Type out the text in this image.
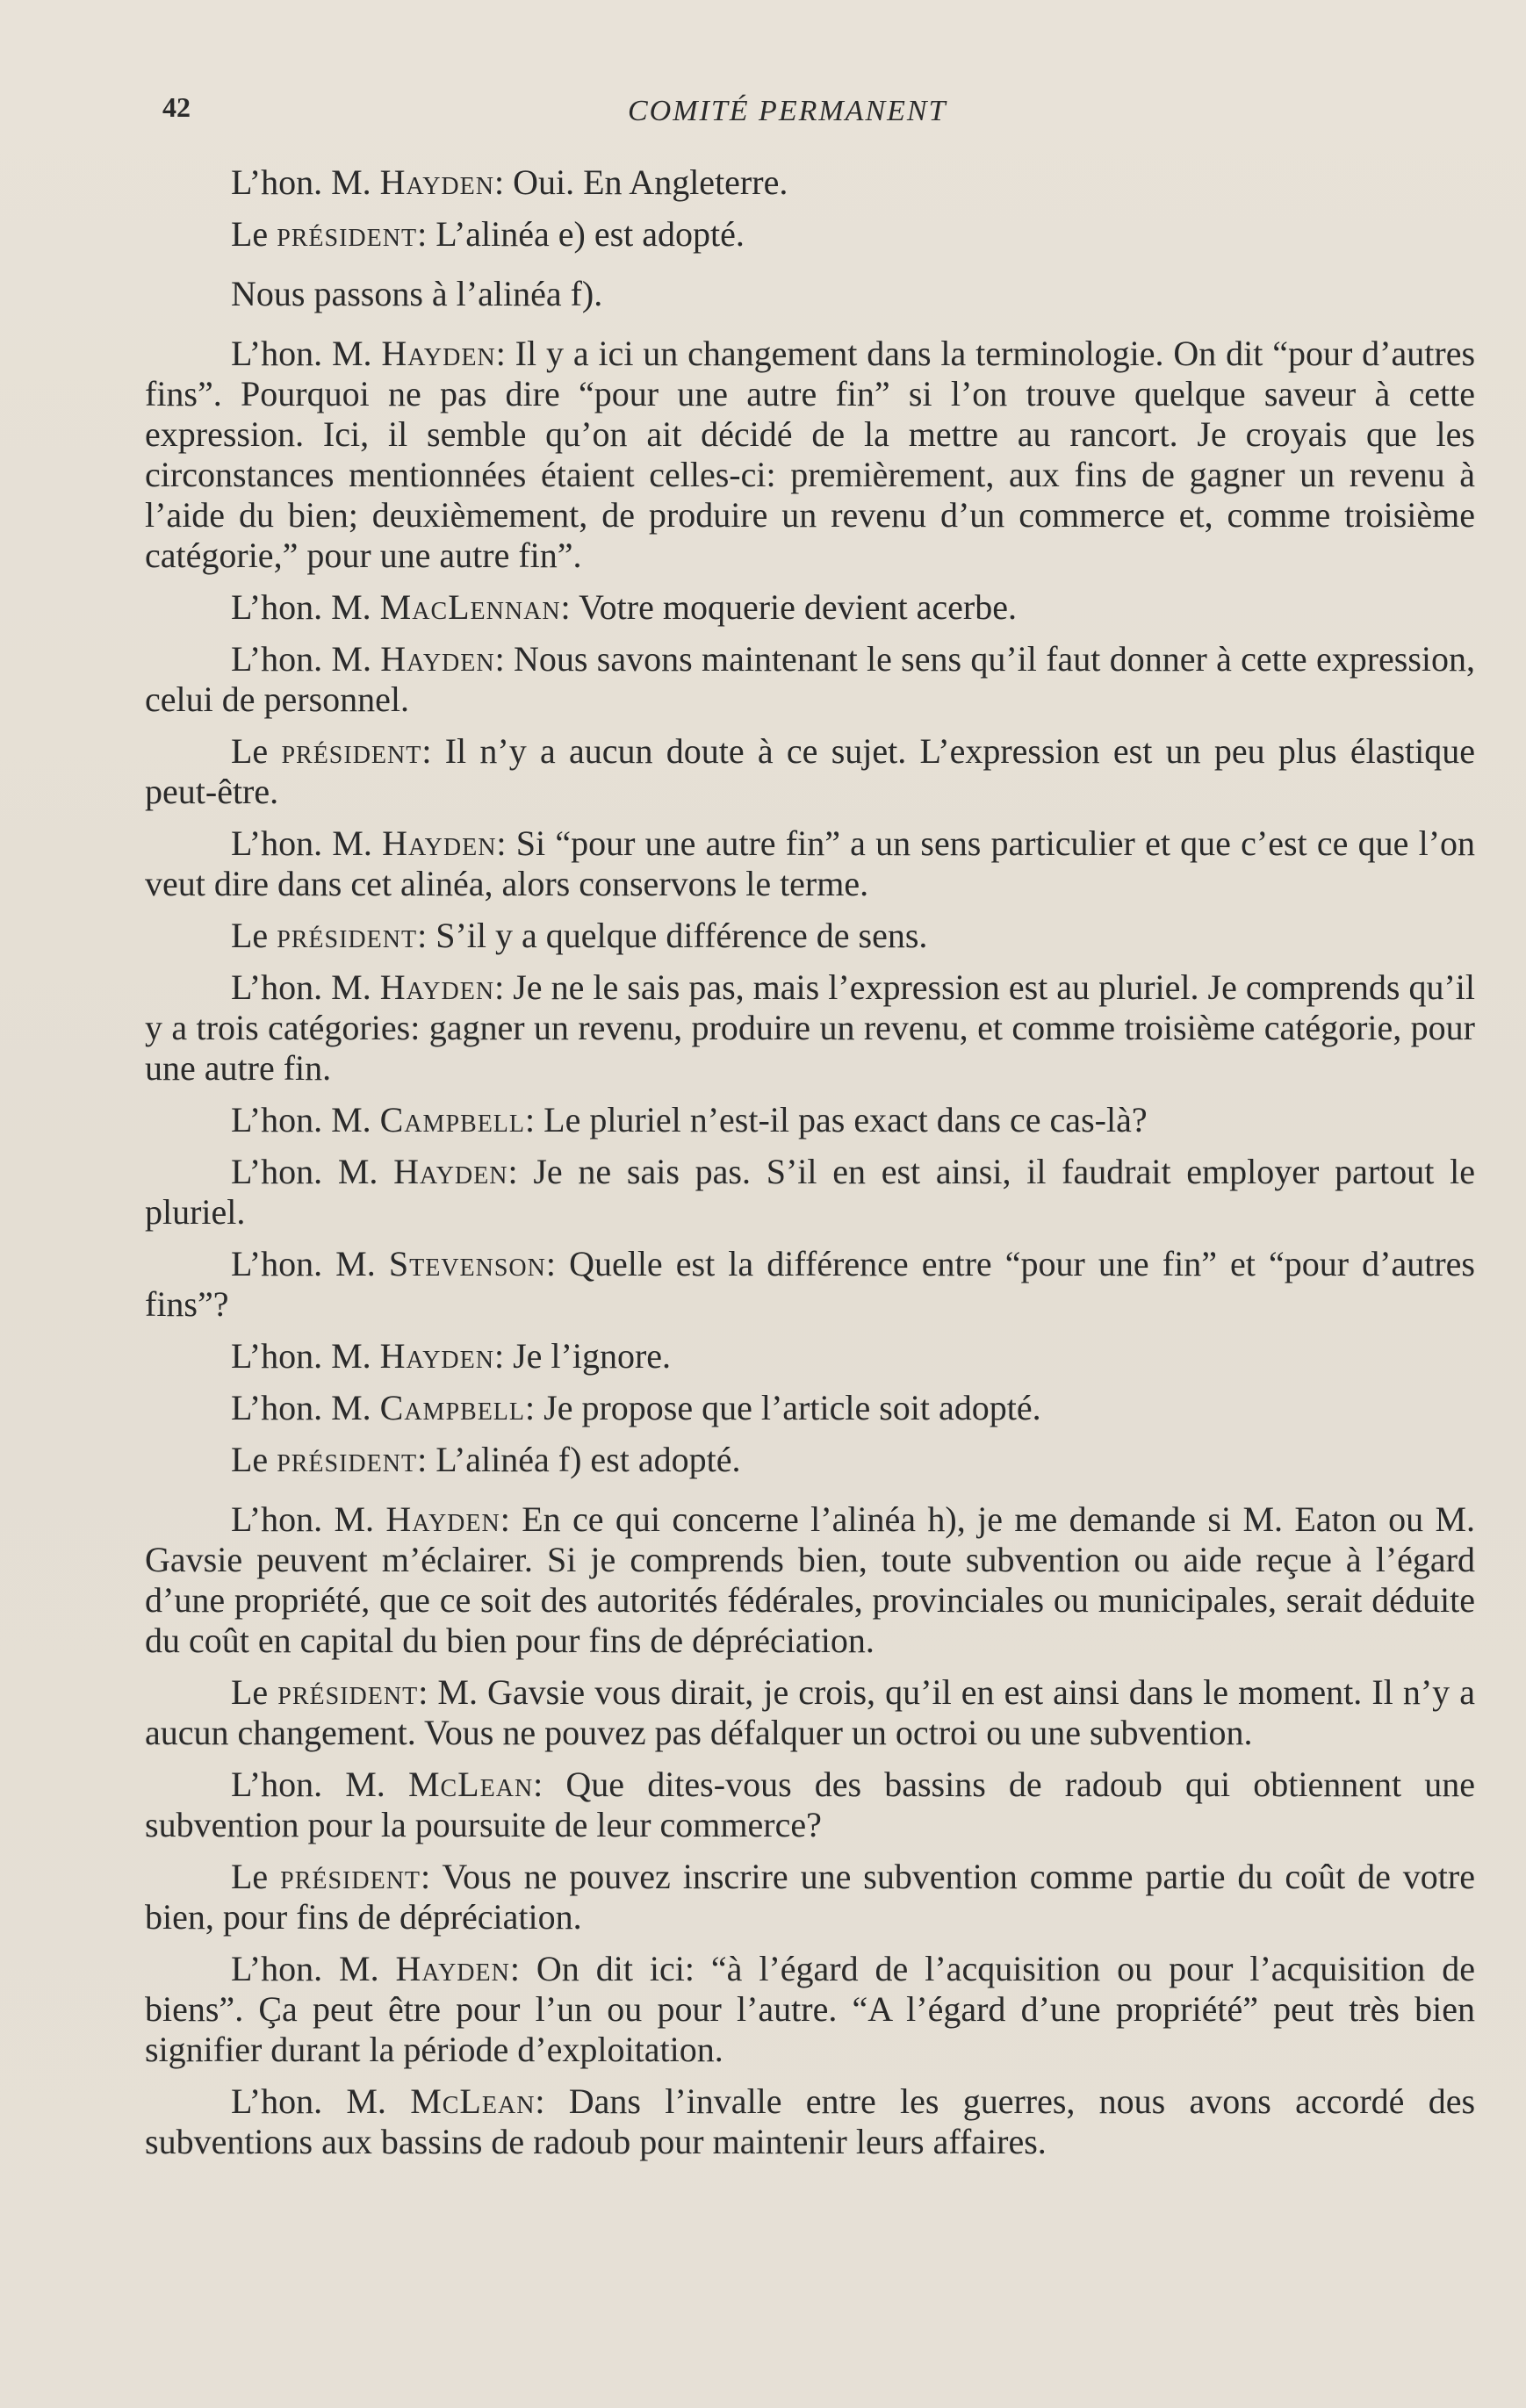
42	COMITÉ PERMANENT

L’hon. M. Hayden: Oui. En Angleterre.

Le président: L’alinéa e) est adopté.

Nous passons à l’alinéa f).

L’hon. M. Hayden: Il y a ici un changement dans la terminologie. On dit “pour d’autres fins”. Pourquoi ne pas dire “pour une autre fin” si l’on trouve quelque saveur à cette expression. Ici, il semble qu’on ait décidé de la mettre au rancort. Je croyais que les circonstances mentionnées étaient celles-ci: premièrement, aux fins de gagner un revenu à l’aide du bien; deuxièmement, de produire un revenu d’un commerce et, comme troisième catégorie,” pour une autre fin”.

L’hon. M. MacLennan: Votre moquerie devient acerbe.

L’hon. M. Hayden: Nous savons maintenant le sens qu’il faut donner à cette expression, celui de personnel.

Le président: Il n’y a aucun doute à ce sujet. L’expression est un peu plus élastique peut-être.

L’hon. M. Hayden: Si “pour une autre fin” a un sens particulier et que c’est ce que l’on veut dire dans cet alinéa, alors conservons le terme.

Le président: S’il y a quelque différence de sens.

L’hon. M. Hayden: Je ne le sais pas, mais l’expression est au pluriel. Je comprends qu’il y a trois catégories: gagner un revenu, produire un revenu, et comme troisième catégorie, pour une autre fin.

L’hon. M. Campbell: Le pluriel n’est-il pas exact dans ce cas-là?

L’hon. M. Hayden: Je ne sais pas. S’il en est ainsi, il faudrait employer partout le pluriel.

L’hon. M. Stevenson: Quelle est la différence entre “pour une fin” et “pour d’autres fins”?

L’hon. M. Hayden: Je l’ignore.

L’hon. M. Campbell: Je propose que l’article soit adopté.

Le président: L’alinéa f) est adopté.

L’hon. M. Hayden: En ce qui concerne l’alinéa h), je me demande si M. Eaton ou M. Gavsie peuvent m’éclairer. Si je comprends bien, toute subvention ou aide reçue à l’égard d’une propriété, que ce soit des autorités fédérales, provinciales ou municipales, serait déduite du coût en capital du bien pour fins de dépréciation.

Le président: M. Gavsie vous dirait, je crois, qu’il en est ainsi dans le moment. Il n’y a aucun changement. Vous ne pouvez pas défalquer un octroi ou une subvention.

L’hon. M. McLean: Que dites-vous des bassins de radoub qui obtiennent une subvention pour la poursuite de leur commerce?

Le président: Vous ne pouvez inscrire une subvention comme partie du coût de votre bien, pour fins de dépréciation.

L’hon. M. Hayden: On dit ici: “à l’égard de l’acquisition ou pour l’acquisition de biens”. Ça peut être pour l’un ou pour l’autre. “A l’égard d’une propriété” peut très bien signifier durant la période d’exploitation.

L’hon. M. McLean: Dans l’invalle entre les guerres, nous avons accordé des subventions aux bassins de radoub pour maintenir leurs affaires.
